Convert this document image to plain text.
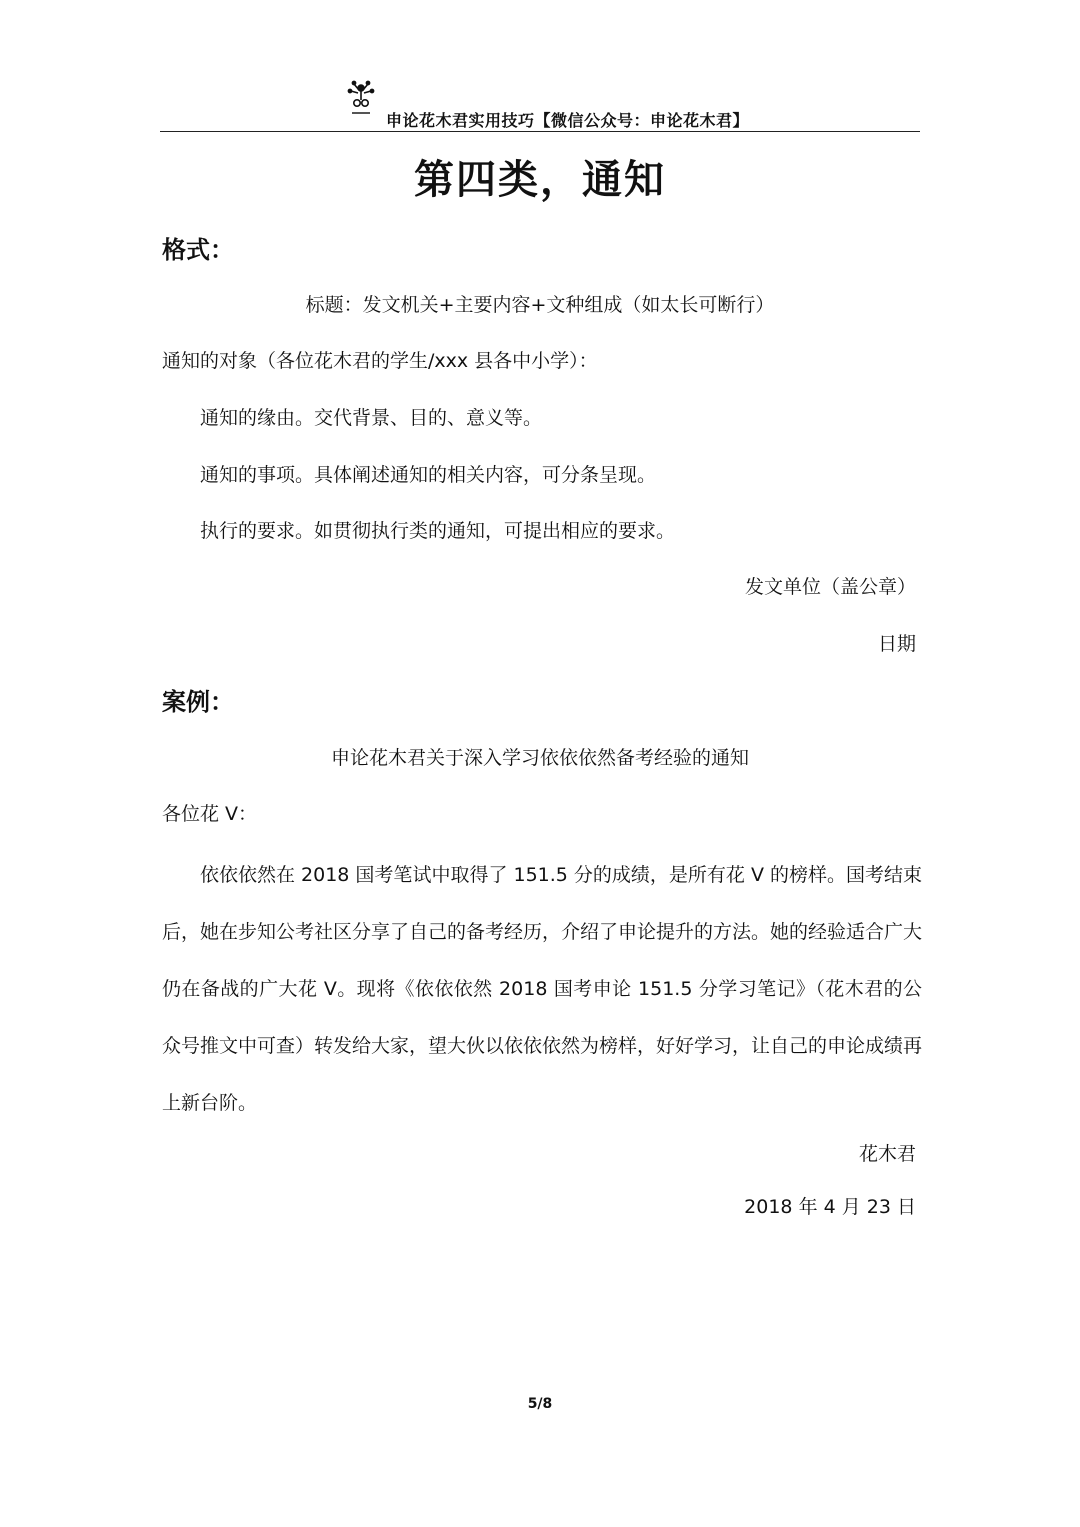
申论花木君实用技巧【微信公众号：申论花木君】
第四类，通知
格式：
标题：发文机关+主要内容+文种组成（如太长可断行）
通知的对象（各位花木君的学生/xxx 县各中小学）：
通知的缘由。交代背景、目的、意义等。
通知的事项。具体阐述通知的相关内容，可分条呈现。
执行的要求。如贯彻执行类的通知，可提出相应的要求。
发文单位（盖公章）
日期
案例：
申论花木君关于深入学习依依依然备考经验的通知
各位花 V：
依依依然在 2018 国考笔试中取得了 151.5 分的成绩，是所有花 V 的榜样。国考结束后，她在步知公考社区分享了自己的备考经历，介绍了申论提升的方法。她的经验适合广大仍在备战的广大花 V。现将《依依依然 2018 国考申论 151.5 分学习笔记》（花木君的公众号推文中可查）转发给大家，望大伙以依依依然为榜样，好好学习，让自己的申论成绩再上新台阶。
花木君
2018 年 4 月 23 日
5/8
